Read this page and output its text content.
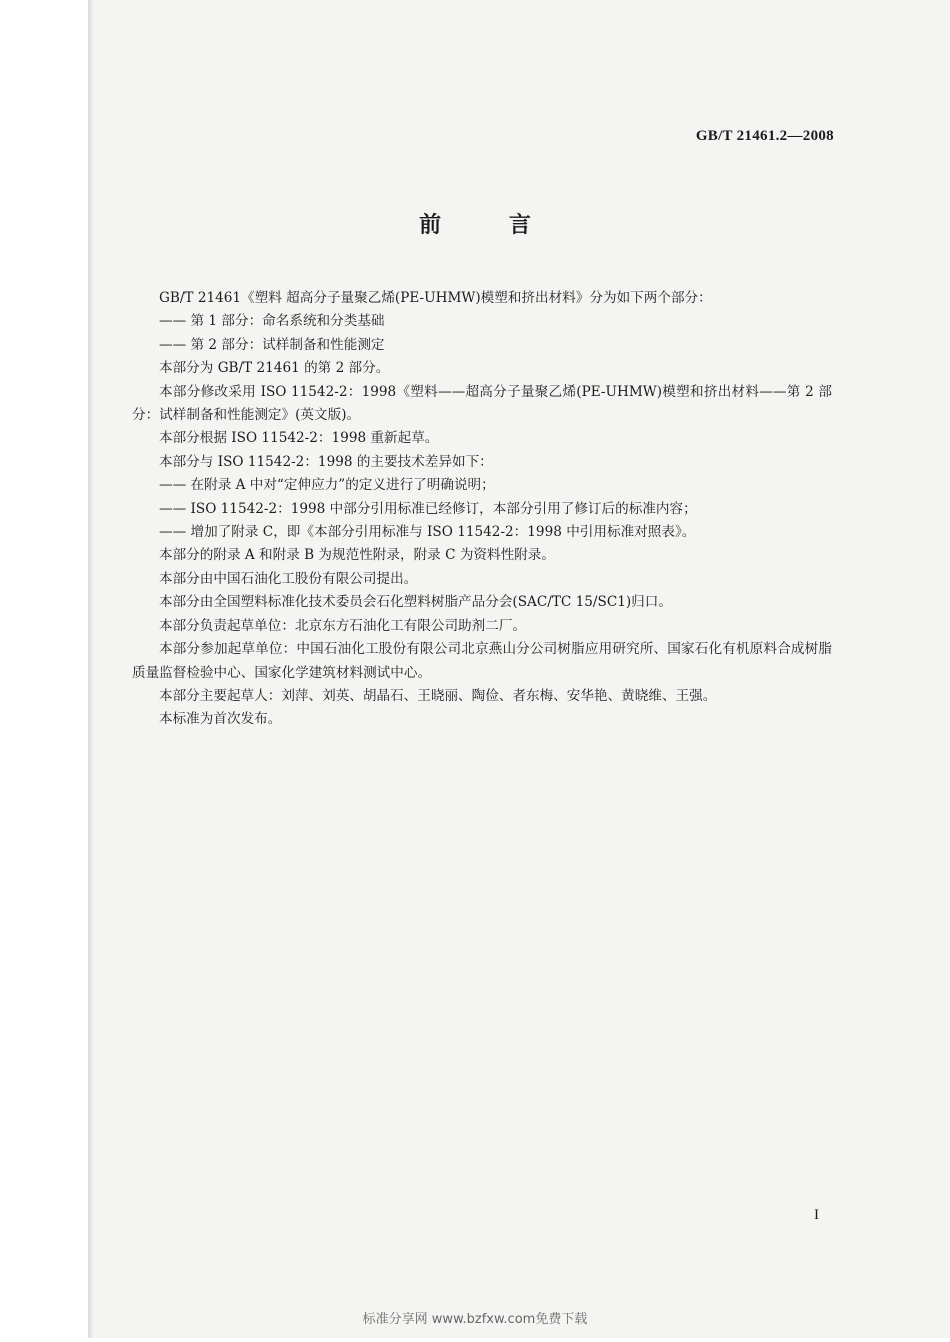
GB/T 21461.2—2008
前 言

GB/T 21461《塑料 超高分子量聚乙烯(PE-UHMW)模塑和挤出材料》分为如下两个部分：

—— 第 1 部分：命名系统和分类基础

—— 第 2 部分：试样制备和性能测定

本部分为 GB/T 21461 的第 2 部分。

本部分修改采用 ISO 11542-2：1998《塑料——超高分子量聚乙烯(PE-UHMW)模塑和挤出材料——第 2 部分：试样制备和性能测定》(英文版)。

本部分根据 ISO 11542-2：1998 重新起草。

本部分与 ISO 11542-2：1998 的主要技术差异如下：

—— 在附录 A 中对“定伸应力”的定义进行了明确说明；

—— ISO 11542-2：1998 中部分引用标准已经修订，本部分引用了修订后的标准内容；

—— 增加了附录 C，即《本部分引用标准与 ISO 11542-2：1998 中引用标准对照表》。

本部分的附录 A 和附录 B 为规范性附录，附录 C 为资料性附录。

本部分由中国石油化工股份有限公司提出。

本部分由全国塑料标准化技术委员会石化塑料树脂产品分会(SAC/TC 15/SC1)归口。

本部分负责起草单位：北京东方石油化工有限公司助剂二厂。

本部分参加起草单位：中国石油化工股份有限公司北京燕山分公司树脂应用研究所、国家石化有机原料合成树脂质量监督检验中心、国家化学建筑材料测试中心。

本部分主要起草人：刘萍、刘英、胡晶石、王晓丽、陶俭、者东梅、安华艳、黄晓维、王强。

本标准为首次发布。

I
标准分享网 www.bzfxw.com免费下载
